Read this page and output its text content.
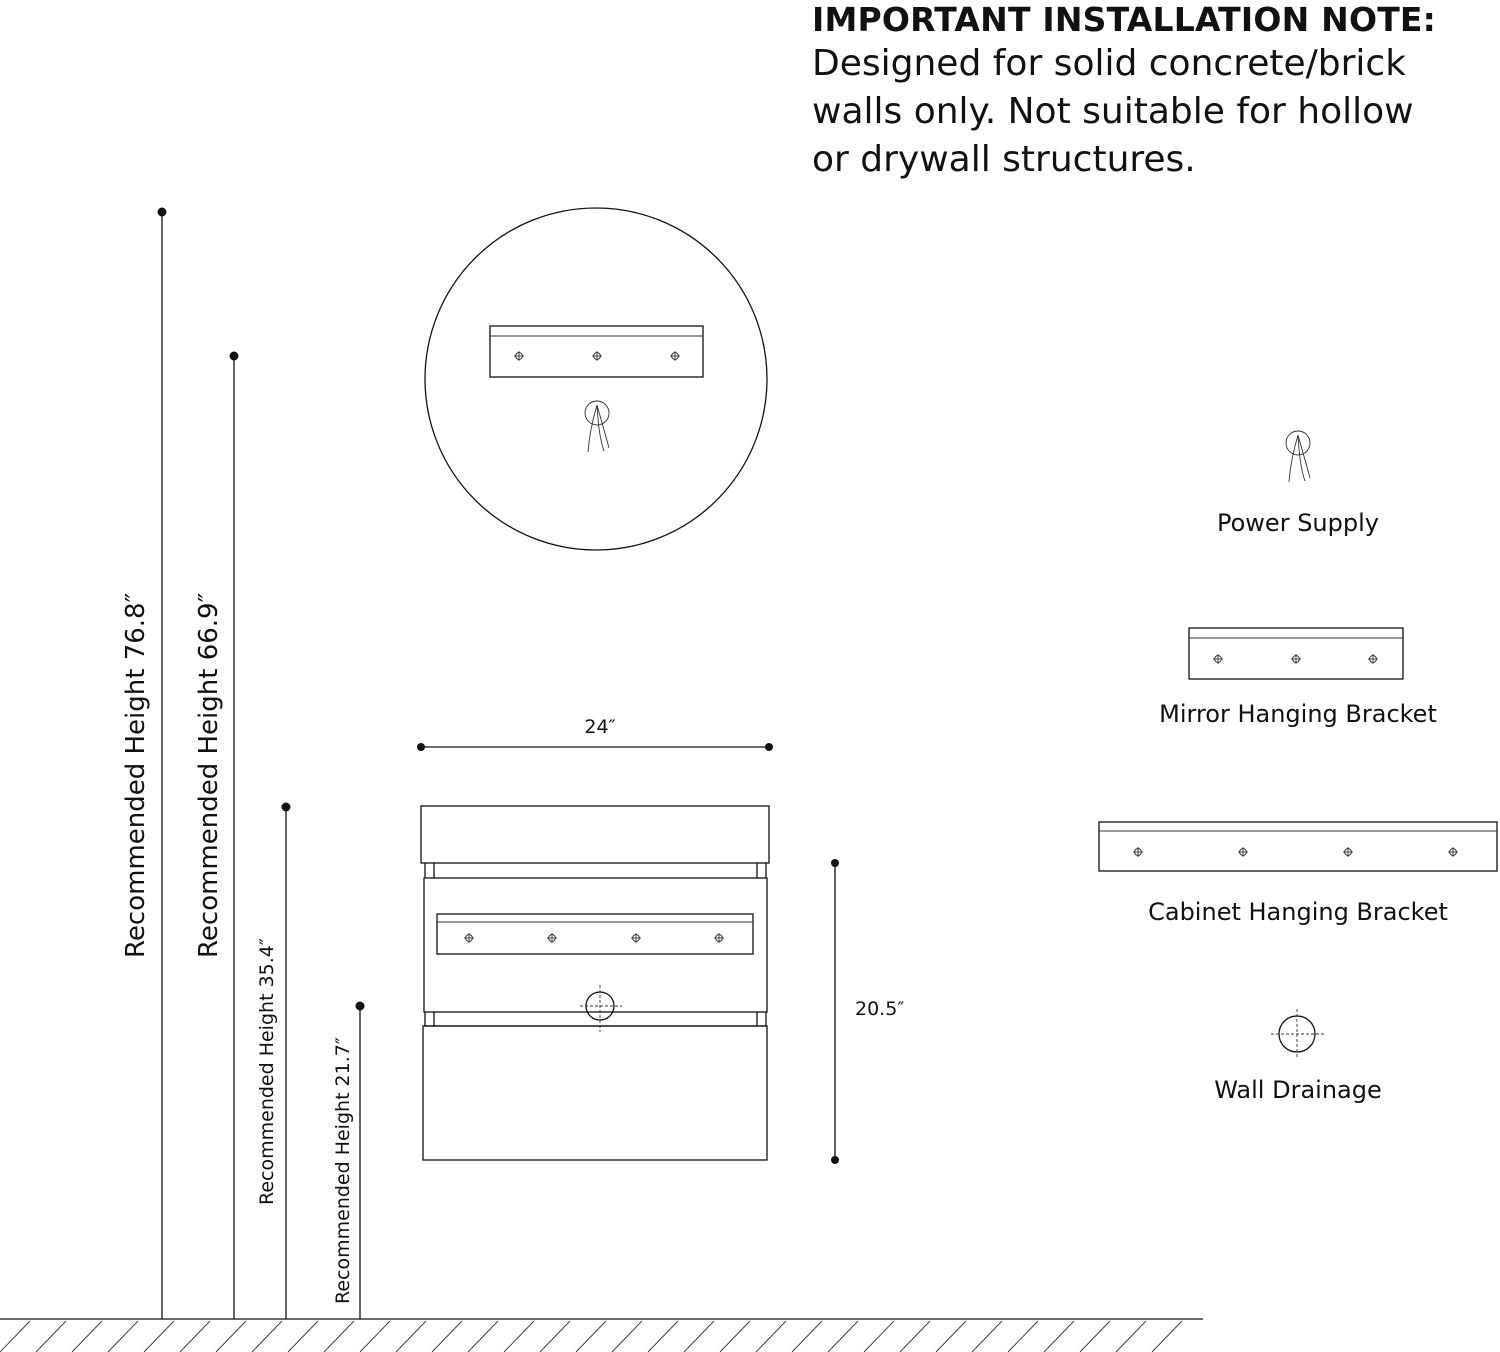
IMPORTANT INSTALLATION NOTE:

Designed for solid concrete/brick
walls only. Not suitable for hollow
or drywall structures.

Recommended Height 76.8″ Recommended Height 66.9″
Recommended Height 35.4″	Recommended Height 21.7″
24″
20.5″
Power Supply
Mirror Hanging Bracket
Cabinet Hanging Bracket
Wall Drainage
